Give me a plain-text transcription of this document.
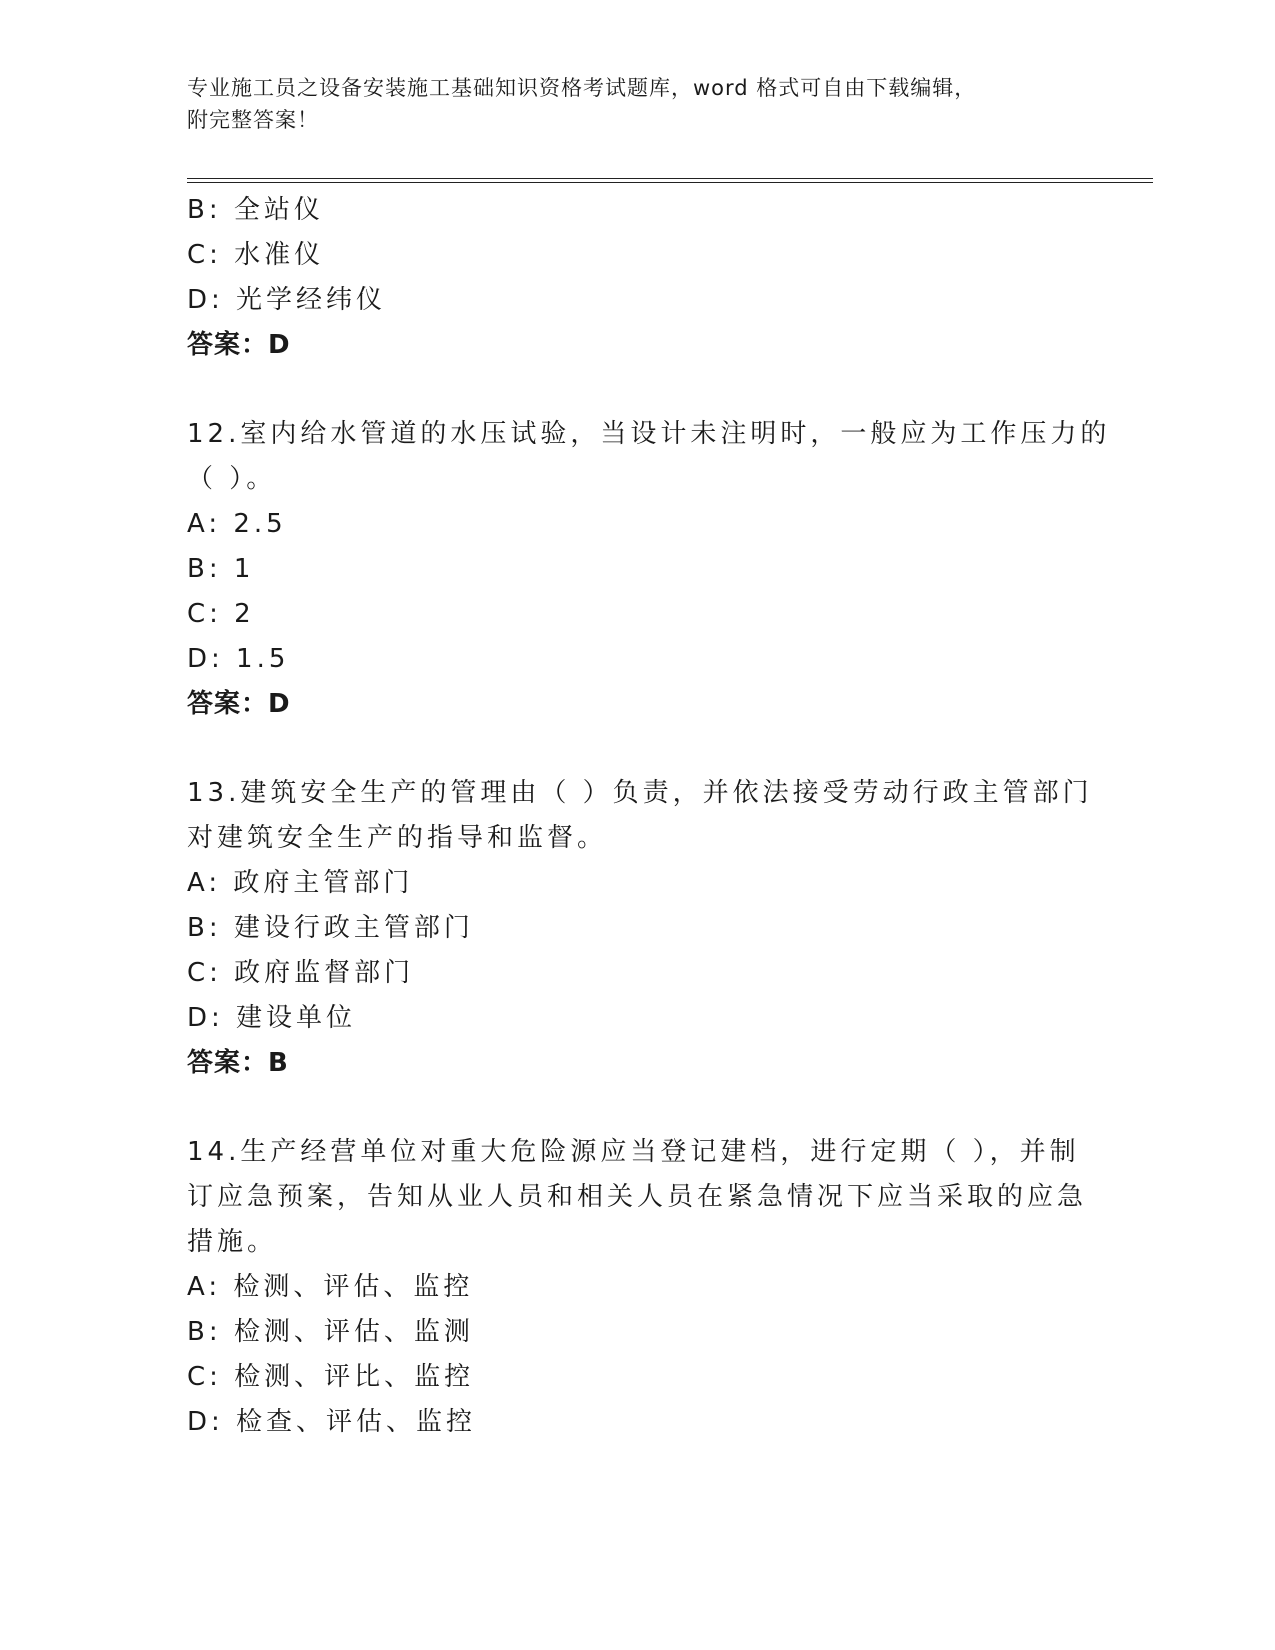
专业施工员之设备安装施工基础知识资格考试题库，word 格式可自由下载编辑，
附完整答案！
B: 全站仪
C: 水准仪
D: 光学经纬仪
答案：D
12.室内给水管道的水压试验，当设计未注明时，一般应为工作压力的
（ ）。
A: 2.5
B: 1
C: 2
D: 1.5
答案：D
13.建筑安全生产的管理由（ ）负责，并依法接受劳动行政主管部门
对建筑安全生产的指导和监督。
A: 政府主管部门
B: 建设行政主管部门
C: 政府监督部门
D: 建设单位
答案：B
14.生产经营单位对重大危险源应当登记建档，进行定期（ ），并制
订应急预案，告知从业人员和相关人员在紧急情况下应当采取的应急
措施。
A: 检测、评估、监控
B: 检测、评估、监测
C: 检测、评比、监控
D: 检查、评估、监控
